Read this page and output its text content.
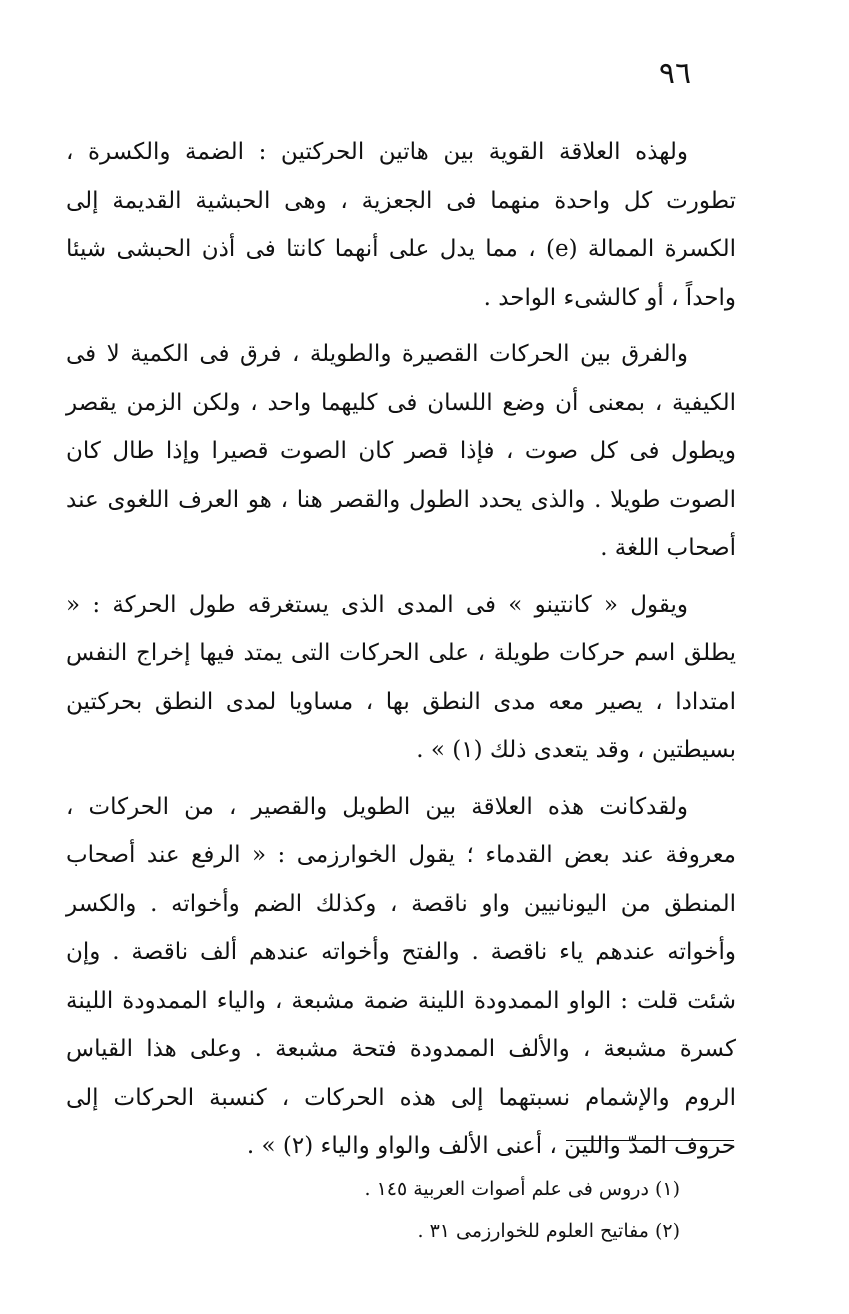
٩٦

ولهذه العلاقة القوية بين هاتين الحركتين : الضمة والكسرة ، تطورت كل واحدة منهما فى الجعزية ، وهى الحبشية القديمة إلى الكسرة الممالة (e) ، مما يدل على أنهما كانتا فى أذن الحبشى شيئا واحداً ، أو كالشىء الواحد .

والفرق بين الحركات القصيرة والطويلة ، فرق فى الكمية لا فى الكيفية ، بمعنى أن وضع اللسان فى كليهما واحد ، ولكن الزمن يقصر ويطول فى كل صوت ، فإذا قصر كان الصوت قصيرا وإذا طال كان الصوت طويلا . والذى يحدد الطول والقصر هنا ، هو العرف اللغوى عند أصحاب اللغة .

ويقول « كانتينو » فى المدى الذى يستغرقه طول الحركة : « يطلق اسم حركات طويلة ، على الحركات التى يمتد فيها إخراج النفس امتدادا ، يصير معه مدى النطق بها ، مساويا لمدى النطق بحركتين بسيطتين ، وقد يتعدى ذلك (١) » .

ولقدكانت هذه العلاقة بين الطويل والقصير ، من الحركات ، معروفة عند بعض القدماء ؛ يقول الخوارزمى : « الرفع عند أصحاب المنطق من اليونانيين واو ناقصة ، وكذلك الضم وأخواته . والكسر وأخواته عندهم ياء ناقصة . والفتح وأخواته عندهم ألف ناقصة . وإن شئت قلت : الواو الممدودة اللينة ضمة مشبعة ، والياء الممدودة اللينة كسرة مشبعة ، والألف الممدودة فتحة مشبعة . وعلى هذا القياس الروم والإشمام نسبتهما إلى هذه الحركات ، كنسبة الحركات إلى حروف المدّ واللين ، أعنى الألف والواو والياء (٢) » .

(١) دروس فى علم أصوات العربية ١٤٥ .

(٢) مفاتيح العلوم للخوارزمى ٣١ .
